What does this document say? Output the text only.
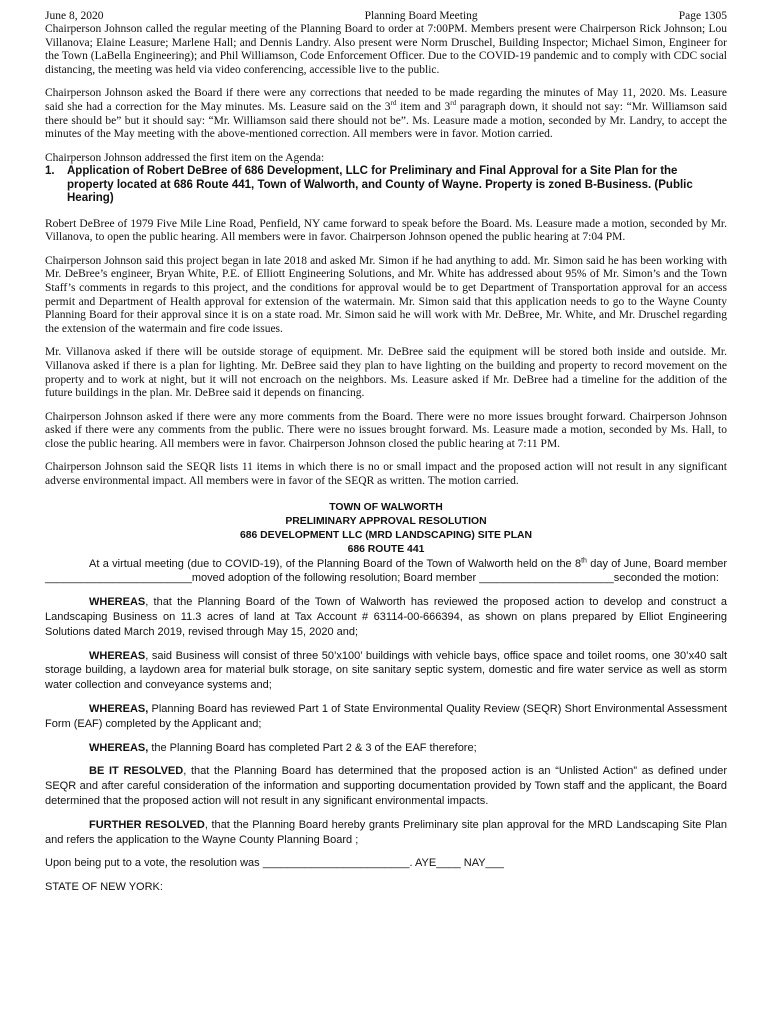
June 8, 2020	Planning Board Meeting	Page 1305

Chairperson Johnson called the regular meeting of the Planning Board to order at 7:00PM. Members present were Chairperson Rick Johnson; Lou Villanova; Elaine Leasure; Marlene Hall; and Dennis Landry. Also present were Norm Druschel, Building Inspector; Michael Simon, Engineer for the Town (LaBella Engineering); and Phil Williamson, Code Enforcement Officer. Due to the COVID-19 pandemic and to comply with CDC social distancing, the meeting was held via video conferencing, accessible live to the public.

Chairperson Johnson asked the Board if there were any corrections that needed to be made regarding the minutes of May 11, 2020. Ms. Leasure said she had a correction for the May minutes. Ms. Leasure said on the 3rd item and 3rd paragraph down, it should not say: “Mr. Williamson said there should be” but it should say: “Mr. Williamson said there should not be”. Ms. Leasure made a motion, seconded by Mr. Landry, to accept the minutes of the May meeting with the above-mentioned correction. All members were in favor. Motion carried.

Chairperson Johnson addressed the first item on the Agenda:

1.	Application of Robert DeBree of 686 Development, LLC for Preliminary and Final Approval for a Site Plan for the property located at 686 Route 441, Town of Walworth, and County of Wayne. Property is zoned B-Business. (Public Hearing)

Robert DeBree of 1979 Five Mile Line Road, Penfield, NY came forward to speak before the Board. Ms. Leasure made a motion, seconded by Mr. Villanova, to open the public hearing. All members were in favor. Chairperson Johnson opened the public hearing at 7:04 PM.

Chairperson Johnson said this project began in late 2018 and asked Mr. Simon if he had anything to add. Mr. Simon said he has been working with Mr. DeBree’s engineer, Bryan White, P.E. of Elliott Engineering Solutions, and Mr. White has addressed about 95% of Mr. Simon’s and the Town Staff’s comments in regards to this project, and the conditions for approval would be to get Department of Transportation approval for an access permit and Department of Health approval for extension of the watermain. Mr. Simon said that this application needs to go to the Wayne County Planning Board for their approval since it is on a state road. Mr. Simon said he will work with Mr. DeBree, Mr. White, and Mr. Druschel regarding the extension of the watermain and fire code issues.

Mr. Villanova asked if there will be outside storage of equipment. Mr. DeBree said the equipment will be stored both inside and outside. Mr. Villanova asked if there is a plan for lighting. Mr. DeBree said they plan to have lighting on the building and property to record movement on the property and to work at night, but it will not encroach on the neighbors. Ms. Leasure asked if Mr. DeBree had a timeline for the addition of the future buildings in the plan. Mr. DeBree said it depends on financing.

Chairperson Johnson asked if there were any more comments from the Board. There were no more issues brought forward. Chairperson Johnson asked if there were any comments from the public. There were no issues brought forward. Ms. Leasure made a motion, seconded by Ms. Hall, to close the public hearing. All members were in favor. Chairperson Johnson closed the public hearing at 7:11 PM.

Chairperson Johnson said the SEQR lists 11 items in which there is no or small impact and the proposed action will not result in any significant adverse environmental impact. All members were in favor of the SEQR as written. The motion carried.

TOWN OF WALWORTH
PRELIMINARY APPROVAL RESOLUTION
686 DEVELOPMENT LLC (MRD LANDSCAPING) SITE PLAN
686 ROUTE 441

At a virtual meeting (due to COVID-19), of the Planning Board of the Town of Walworth held on the 8th day of June, Board member ________________________moved adoption of the following resolution; Board member ______________________seconded the motion:

WHEREAS, that the Planning Board of the Town of Walworth has reviewed the proposed action to develop and construct a Landscaping Business on 11.3 acres of land at Tax Account # 63114-00-666394, as shown on plans prepared by Elliot Engineering Solutions dated March 2019, revised through May 15, 2020 and;

WHEREAS, said Business will consist of three 50’x100’ buildings with vehicle bays, office space and toilet rooms, one 30’x40 salt storage building, a laydown area for material bulk storage, on site sanitary septic system, domestic and fire water service as well as storm water collection and conveyance systems and;

WHEREAS, Planning Board has reviewed Part 1 of State Environmental Quality Review (SEQR) Short Environmental Assessment Form (EAF) completed by the Applicant and;

WHEREAS, the Planning Board has completed Part 2 & 3 of the EAF therefore;

BE IT RESOLVED, that the Planning Board has determined that the proposed action is an “Unlisted Action” as defined under SEQR and after careful consideration of the information and supporting documentation provided by Town staff and the applicant, the Board determined that the proposed action will not result in any significant environmental impacts.

FURTHER RESOLVED, that the Planning Board hereby grants Preliminary site plan approval for the MRD Landscaping Site Plan and refers the application to the Wayne County Planning Board ;

Upon being put to a vote, the resolution was ________________________. AYE____ NAY___

STATE OF NEW YORK:
